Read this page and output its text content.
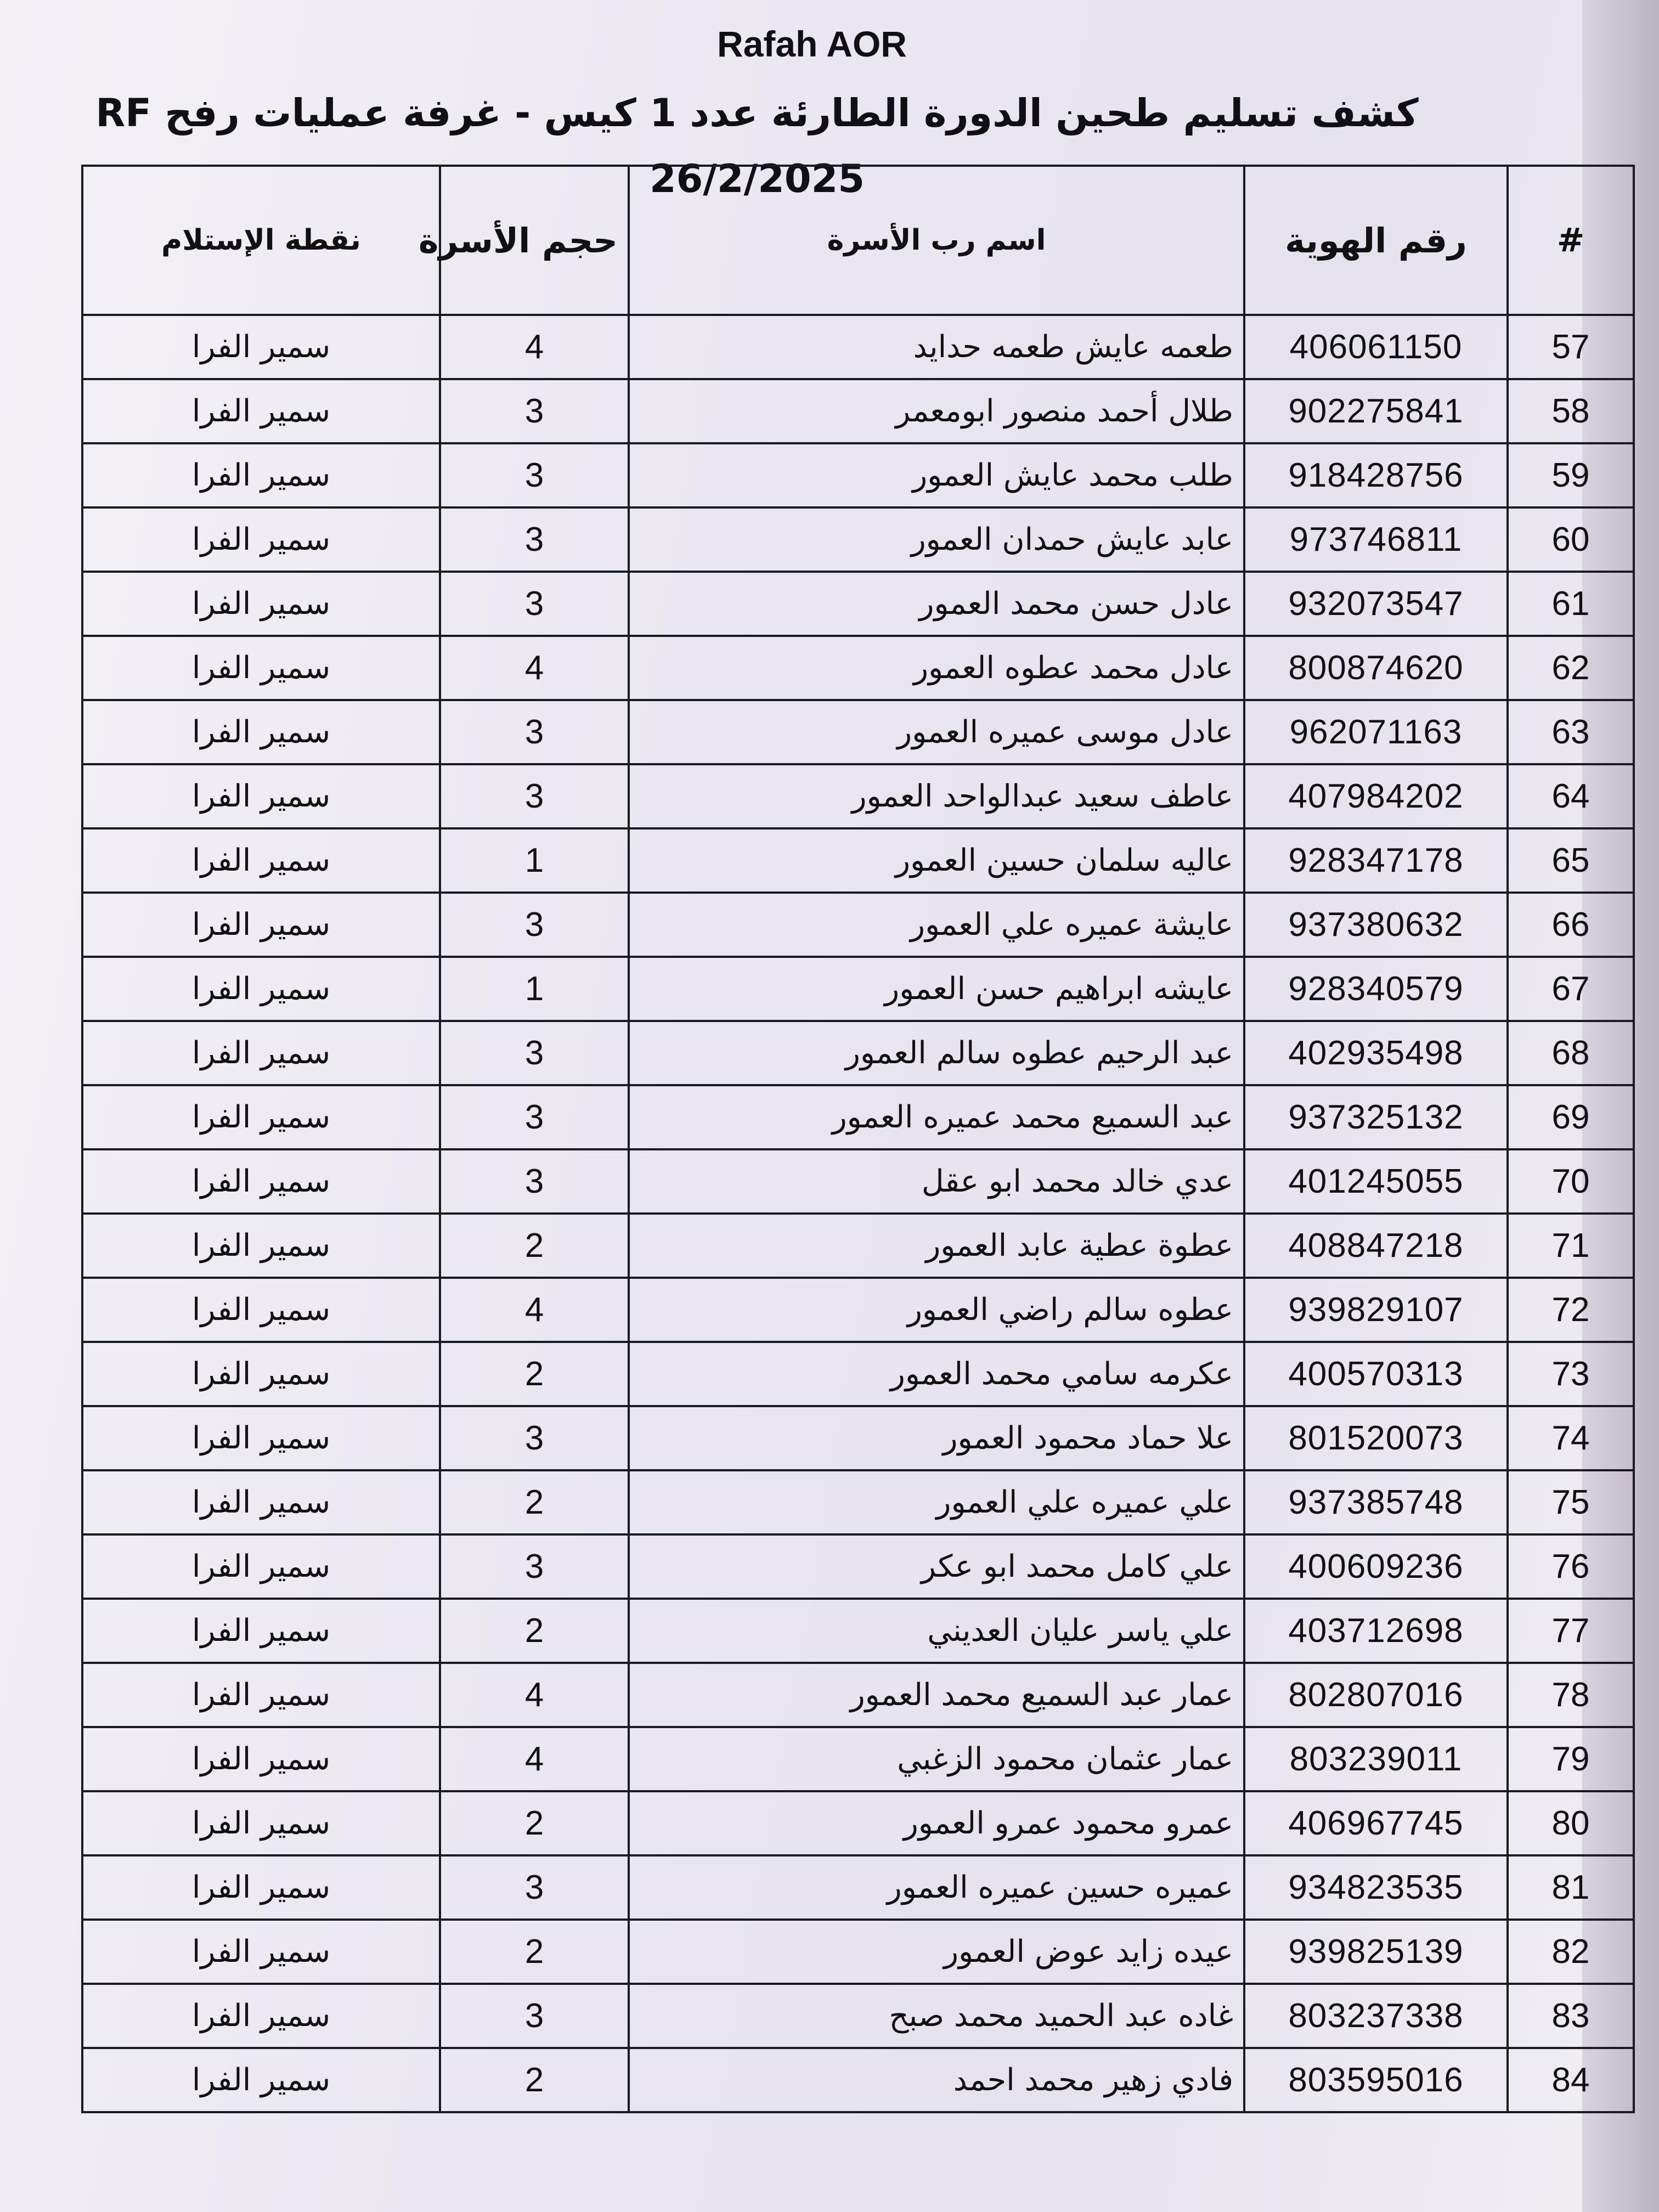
Rafah AOR
كشف تسليم طحين الدورة الطارئة عدد 1 كيس - غرفة عمليات رفح RF 26/2/2025
#	رقم الهوية	اسم رب الأسرة	حجم الأسرة	نقطة الإستلام
57	406061150	طعمه عايش طعمه حدايد	4	سمير الفرا
58	902275841	طلال أحمد منصور ابومعمر	3	سمير الفرا
59	918428756	طلب محمد عايش العمور	3	سمير الفرا
60	973746811	عابد عايش حمدان العمور	3	سمير الفرا
61	932073547	عادل حسن محمد العمور	3	سمير الفرا
62	800874620	عادل محمد عطوه العمور	4	سمير الفرا
63	962071163	عادل موسى عميره العمور	3	سمير الفرا
64	407984202	عاطف سعيد عبدالواحد العمور	3	سمير الفرا
65	928347178	عاليه سلمان حسين العمور	1	سمير الفرا
66	937380632	عايشة عميره علي العمور	3	سمير الفرا
67	928340579	عايشه ابراهيم حسن العمور	1	سمير الفرا
68	402935498	عبد الرحيم عطوه سالم العمور	3	سمير الفرا
69	937325132	عبد السميع محمد عميره العمور	3	سمير الفرا
70	401245055	عدي خالد محمد ابو عقل	3	سمير الفرا
71	408847218	عطوة عطية عابد العمور	2	سمير الفرا
72	939829107	عطوه سالم راضي العمور	4	سمير الفرا
73	400570313	عكرمه سامي محمد العمور	2	سمير الفرا
74	801520073	علا حماد محمود العمور	3	سمير الفرا
75	937385748	علي عميره علي العمور	2	سمير الفرا
76	400609236	علي كامل محمد ابو عكر	3	سمير الفرا
77	403712698	علي ياسر عليان العديني	2	سمير الفرا
78	802807016	عمار عبد السميع محمد العمور	4	سمير الفرا
79	803239011	عمار عثمان محمود الزغبي	4	سمير الفرا
80	406967745	عمرو محمود عمرو العمور	2	سمير الفرا
81	934823535	عميره حسين عميره العمور	3	سمير الفرا
82	939825139	عيده زايد عوض العمور	2	سمير الفرا
83	803237338	غاده عبد الحميد محمد صبح	3	سمير الفرا
84	803595016	فادي زهير محمد احمد	2	سمير الفرا
